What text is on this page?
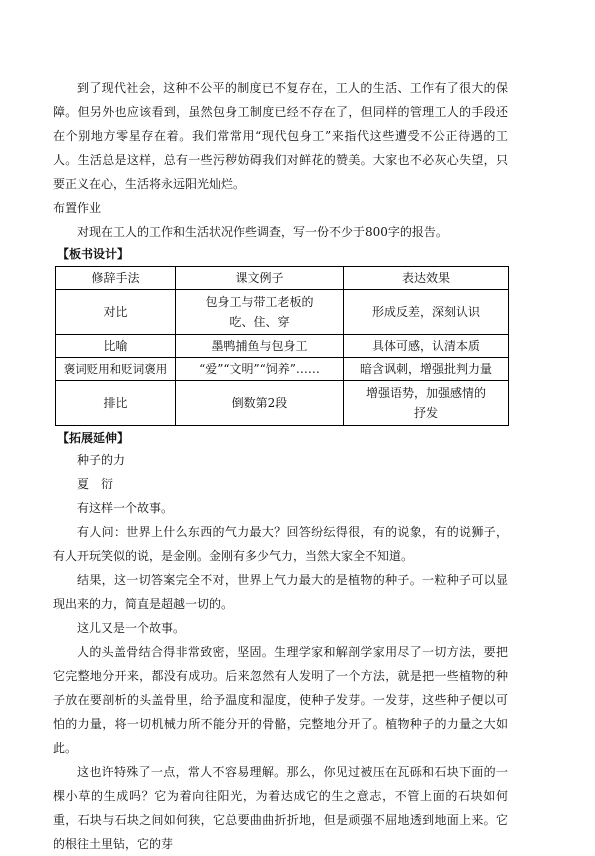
到了现代社会，这种不公平的制度已不复存在，工人的生活、工作有了很大的保障。但另外也应该看到，虽然包身工制度已经不存在了，但同样的管理工人的手段还在个别地方零星存在着。我们常常用“现代包身工”来指代这些遭受不公正待遇的工人。生活总是这样，总有一些污秽妨碍我们对鲜花的赞美。大家也不必灰心失望，只要正义在心，生活将永远阳光灿烂。

布置作业

对现在工人的工作和生活状况作些调查，写一份不少于800字的报告。

【板书设计】

修辞手法	课文例子	表达效果
对比	包身工与带工老板的吃、住、穿	形成反差，深刻认识
比喻	墨鸭捕鱼与包身工	具体可感，认清本质
褒词贬用和贬词褒用	“爱”“文明”“饲养”……	暗含讽刺，增强批判力量
排比	倒数第2段	增强语势，加强感情的抒发

【拓展延伸】

种子的力

夏　衍

有这样一个故事。

有人问：世界上什么东西的气力最大？回答纷纭得很，有的说象，有的说狮子，有人开玩笑似的说，是金刚。金刚有多少气力，当然大家全不知道。

结果，这一切答案完全不对，世界上气力最大的是植物的种子。一粒种子可以显现出来的力，简直是超越一切的。

这儿又是一个故事。

人的头盖骨结合得非常致密，坚固。生理学家和解剖学家用尽了一切方法，要把它完整地分开来，都没有成功。后来忽然有人发明了一个方法，就是把一些植物的种子放在要剖析的头盖骨里，给予温度和湿度，使种子发芽。一发芽，这些种子便以可怕的力量，将一切机械力所不能分开的骨骼，完整地分开了。植物种子的力量之大如此。

这也许特殊了一点，常人不容易理解。那么，你见过被压在瓦砾和石块下面的一棵小草的生成吗？它为着向往阳光，为着达成它的生之意志，不管上面的石块如何重，石块与石块之间如何狭，它总要曲曲折折地，但是顽强不屈地透到地面上来。它的根往土里钻，它的芽
